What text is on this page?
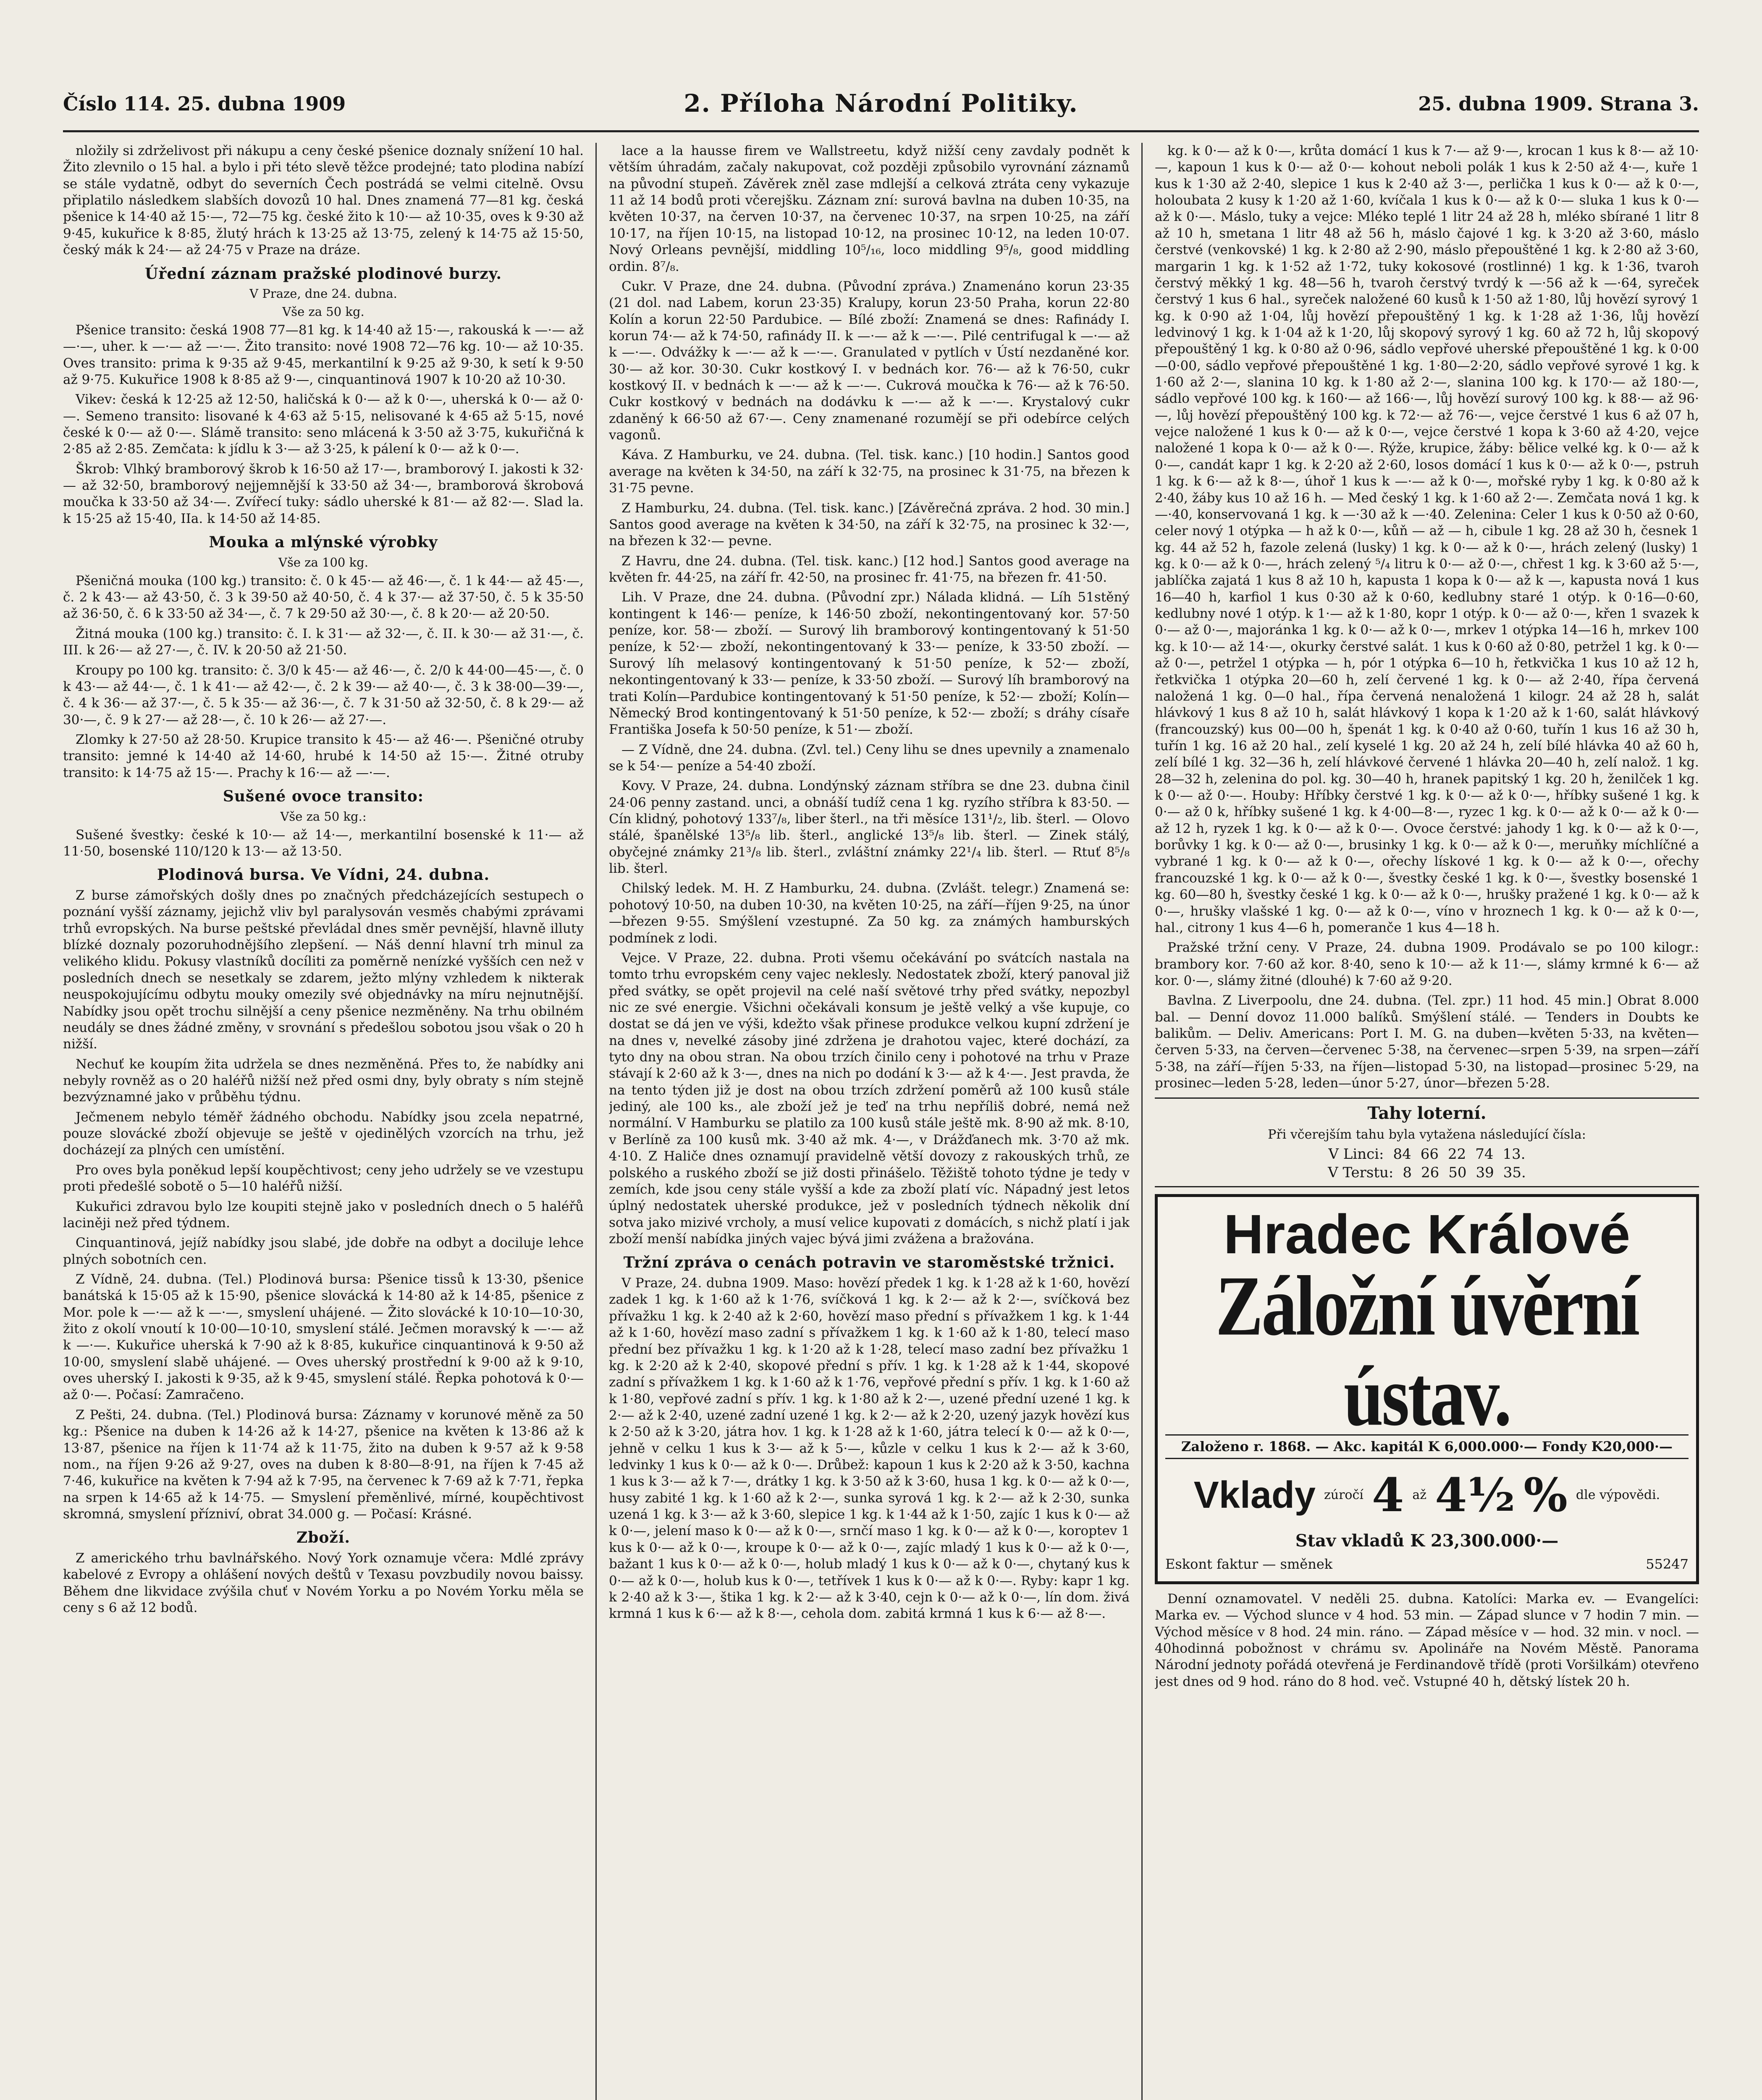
Číslo 114. 25. dubna 1909	2. Příloha Národní Politiky.	25. dubna 1909. Strana 3.

nložily si zdrželivost při nákupu a ceny české pšenice doznaly snížení 10 hal. Žito zlevnilo o 15 hal. a bylo i při této slevě těžce prodejné; tato plodina nabízí se stále vydatně, odbyt do severních Čech postrádá se velmi citelně. Ovsu připlatilo následkem slabších dovozů 10 hal. Dnes znamená 77—81 kg. česká pšenice k 14·40 až 15·—, 72—75 kg. české žito k 10·— až 10·35, oves k 9·30 až 9·45, kukuřice k 8·85, žlutý hrách k 13·25 až 13·75, zelený k 14·75 až 15·50, český mák k 24·— až 24·75 v Praze na dráze.

Úřední záznam pražské plodinové burzy.
V Praze, dne 24. dubna.
Vše za 50 kg.

Pšenice transito: česká 1908 77—81 kg. k 14·40 až 15·—, rakouská k —·— až —·—, uher. k —·— až —·—. Žito transito: nové 1908 72—76 kg. 10·— až 10·35. Oves transito: prima k 9·35 až 9·45, merkantilní k 9·25 až 9·30, k setí k 9·50 až 9·75. Kukuřice 1908 k 8·85 až 9·—, cinquantinová 1907 k 10·20 až 10·30.

Vikev: česká k 12·25 až 12·50, haličská k 0·— až k 0·—, uherská k 0·— až 0·—. Semeno transito: lisované k 4·63 až 5·15, nelisované k 4·65 až 5·15, nové české k 0·— až 0·—. Slámě transito: seno mlácená k 3·50 až 3·75, kukuřičná k 2·85 až 2·85. Zemčata: k jídlu k 3·— až 3·25, k pálení k 0·— až k 0·—.

Škrob: Vlhký bramborový škrob k 16·50 až 17·—, bramborový I. jakosti k 32·— až 32·50, bramborový nejjemnější k 33·50 až 34·—, bramborová škrobová moučka k 33·50 až 34·—. Zvířecí tuky: sádlo uherské k 81·— až 82·—. Slad la. k 15·25 až 15·40, IIa. k 14·50 až 14·85.

Mouka a mlýnské výrobky
Vše za 100 kg.

Pšeničná mouka (100 kg.) transito: č. 0 k 45·— až 46·—, č. 1 k 44·— až 45·—, č. 2 k 43·— až 43·50, č. 3 k 39·50 až 40·50, č. 4 k 37·— až 37·50, č. 5 k 35·50 až 36·50, č. 6 k 33·50 až 34·—, č. 7 k 29·50 až 30·—, č. 8 k 20·— až 20·50.

Žitná mouka (100 kg.) transito: č. I. k 31·— až 32·—, č. II. k 30·— až 31·—, č. III. k 26·— až 27·—, č. IV. k 20·50 až 21·50.

Kroupy po 100 kg. transito: č. 3/0 k 45·— až 46·—, č. 2/0 k 44·00—45·—, č. 0 k 43·— až 44·—, č. 1 k 41·— až 42·—, č. 2 k 39·— až 40·—, č. 3 k 38·00—39·—, č. 4 k 36·— až 37·—, č. 5 k 35·— až 36·—, č. 7 k 31·50 až 32·50, č. 8 k 29·— až 30·—, č. 9 k 27·— až 28·—, č. 10 k 26·— až 27·—.

Zlomky k 27·50 až 28·50. Krupice transito k 45·— až 46·—. Pšeničné otruby transito: jemné k 14·40 až 14·60, hrubé k 14·50 až 15·—. Žitné otruby transito: k 14·75 až 15·—. Prachy k 16·— až —·—.

Sušené ovoce transito:
Vše za 50 kg.:

Sušené švestky: české k 10·— až 14·—, merkantilní bosenské k 11·— až 11·50, bosenské 110/120 k 13·— až 13·50.

Plodinová bursa. Ve Vídni, 24. dubna.

Z burse zámořských došly dnes po značných předcházejících sestupech o poznání vyšší záznamy, jejichž vliv byl paralysován vesměs chabými zprávami trhů evropských. Na burse peštské převládal dnes směr pevnější, hlavně illuty blízké doznaly pozoruhodnějšího zlepšení. — Náš denní hlavní trh minul za velikého klidu. Pokusy vlastníků docíliti za poměrně nenízké vyšších cen než v posledních dnech se nesetkaly se zdarem, ježto mlýny vzhledem k nikterak neuspokojujícímu odbytu mouky omezily své objednávky na míru nejnutnější. Nabídky jsou opět trochu silnější a ceny pšenice nezměněny. Na trhu obilném neudály se dnes žádné změny, v srovnání s předešlou sobotou jsou však o 20 h nižší.

Nechuť ke koupím žita udržela se dnes nezměněná. Přes to, že nabídky ani nebyly rovněž as o 20 haléřů nižší než před osmi dny, byly obraty s ním stejně bezvýznamné jako v průběhu týdnu.

Ječmenem nebylo téměř žádného obchodu. Nabídky jsou zcela nepatrné, pouze slovácké zboží objevuje se ještě v ojedinělých vzorcích na trhu, jež docházejí za plných cen umístění.

Pro oves byla poněkud lepší koupěchtivost; ceny jeho udržely se ve vzestupu proti předešlé sobotě o 5—10 haléřů nižší.

Kukuřici zdravou bylo lze koupiti stejně jako v posledních dnech o 5 haléřů laciněji než před týdnem.

Cinquantinová, jejíž nabídky jsou slabé, jde dobře na odbyt a dociluje lehce plných sobotních cen.

Z Vídně, 24. dubna. (Tel.) Plodinová bursa: Pšenice tissů k 13·30, pšenice banátská k 15·05 až k 15·90, pšenice slovácká k 14·80 až k 14·85, pšenice z Mor. pole k —·— až k —·—, smyslení uhájené. — Žito slovácké k 10·10—10·30, žito z okolí vnoutí k 10·00—10·10, smyslení stálé. Ječmen moravský k —·— až k —·—. Kukuřice uherská k 7·90 až k 8·85, kukuřice cinquantinová k 9·50 až 10·00, smyslení slabě uhájené. — Oves uherský prostřední k 9·00 až k 9·10, oves uherský I. jakosti k 9·35, až k 9·45, smyslení stálé. Řepka pohotová k 0·— až 0·—. Počasí: Zamračeno.

Z Pešti, 24. dubna. (Tel.) Plodinová bursa: Záznamy v korunové měně za 50 kg.: Pšenice na duben k 14·26 až k 14·27, pšenice na květen k 13·86 až k 13·87, pšenice na říjen k 11·74 až k 11·75, žito na duben k 9·57 až k 9·58 nom., na říjen 9·26 až 9·27, oves na duben k 8·80—8·91, na říjen k 7·45 až 7·46, kukuřice na květen k 7·94 až k 7·95, na červenec k 7·69 až k 7·71, řepka na srpen k 14·65 až k 14·75. — Smyslení přeměnlivé, mírné, koupěchtivost skromná, smyslení přízniví, obrat 34.000 g. — Počasí: Krásné.

Zboží.

Z amerického trhu bavlnářského. Nový York oznamuje včera: Mdlé zprávy kabelové z Evropy a ohlášení nových deštů v Texasu povzbudily novou baissy. Během dne likvidace zvýšila chuť v Novém Yorku a po Novém Yorku měla se ceny s 6 až 12 bodů.

lace a la hausse firem ve Wallstreetu, když nižší ceny zavdaly podnět k větším úhradám, začaly nakupovat, což později způsobilo vyrovnání záznamů na původní stupeň. Závěrek zněl zase mdlejší a celková ztráta ceny vykazuje 11 až 14 bodů proti včerejšku. Záznam zní: surová bavlna na duben 10·35, na květen 10·37, na červen 10·37, na červenec 10·37, na srpen 10·25, na září 10·17, na říjen 10·15, na listopad 10·12, na prosinec 10·12, na leden 10·07. Nový Orleans pevnější, middling 10⁵/₁₆, loco middling 9⁵/₈, good middling ordin. 8⁷/₈.

Cukr. V Praze, dne 24. dubna. (Původní zpráva.) Znamenáno korun 23·35 (21 dol. nad Labem, korun 23·35) Kralupy, korun 23·50 Praha, korun 22·80 Kolín a korun 22·50 Pardubice. — Bílé zboží: Znamená se dnes: Rafinády I. korun 74·— až k 74·50, rafinády II. k —·— až k —·—. Pilé centrifugal k —·— až k —·—. Odvážky k —·— až k —·—. Granulated v pytlích v Ústí nezdaněné kor. 30·— až kor. 30·30. Cukr kostkový I. v bednách kor. 76·— až k 76·50, cukr kostkový II. v bednách k —·— až k —·—. Cukrová moučka k 76·— až k 76·50. Cukr kostkový v bednách na dodávku k —·— až k —·—. Krystalový cukr zdaněný k 66·50 až 67·—. Ceny znamenané rozumějí se při odebírce celých vagonů.

Káva. Z Hamburku, ve 24. dubna. (Tel. tisk. kanc.) [10 hodin.] Santos good average na květen k 34·50, na září k 32·75, na prosinec k 31·75, na březen k 31·75 pevne.

Z Hamburku, 24. dubna. (Tel. tisk. kanc.) [Závěrečná zpráva. 2 hod. 30 min.] Santos good average na květen k 34·50, na září k 32·75, na prosinec k 32·—, na březen k 32·— pevne.

Z Havru, dne 24. dubna. (Tel. tisk. kanc.) [12 hod.] Santos good average na květen fr. 44·25, na září fr. 42·50, na prosinec fr. 41·75, na březen fr. 41·50.

Lih. V Praze, dne 24. dubna. (Původní zpr.) Nálada klidná. — Líh 51stěný kontingent k 146·— peníze, k 146·50 zboží, nekontingentovaný kor. 57·50 peníze, kor. 58·— zboží. — Surový lih bramborový kontingentovaný k 51·50 peníze, k 52·— zboží, nekontingentovaný k 33·— peníze, k 33·50 zboží. — Surový líh melasový kontingentovaný k 51·50 peníze, k 52·— zboží, nekontingentovaný k 33·— peníze, k 33·50 zboží. — Surový líh bramborový na trati Kolín—Pardubice kontingentovaný k 51·50 peníze, k 52·— zboží; Kolín—Německý Brod kontingentovaný k 51·50 peníze, k 52·— zboží; s dráhy císaře Františka Josefa k 50·50 peníze, k 51·— zboží.

— Z Vídně, dne 24. dubna. (Zvl. tel.) Ceny lihu se dnes upevnily a znamenalo se k 54·— peníze a 54·40 zboží.

Kovy. V Praze, 24. dubna. Londýnský záznam stříbra se dne 23. dubna činil 24·06 penny zastand. unci, a obnáší tudíž cena 1 kg. ryzího stříbra k 83·50. — Cín klidný, pohotový 133⁷/₈, liber šterl., na tři měsíce 131¹/₂, lib. šterl. — Olovo stálé, španělské 13⁵/₈ lib. šterl., anglické 13⁵/₈ lib. šterl. — Zinek stálý, obyčejné známky 21³/₈ lib. šterl., zvláštní známky 22¹/₄ lib. šterl. — Rtuť 8⁵/₈ lib. šterl.

Chilský ledek. M. H. Z Hamburku, 24. dubna. (Zvlášt. telegr.) Znamená se: pohotový 10·50, na duben 10·30, na květen 10·25, na září—říjen 9·25, na únor—březen 9·55. Smýšlení vzestupné. Za 50 kg. za známých hamburských podmínek z lodi.

Vejce. V Praze, 22. dubna. Proti všemu očekávání po svátcích nastala na tomto trhu evropském ceny vajec neklesly. Nedostatek zboží, který panoval již před svátky, se opět projevil na celé naší světové trhy před svátky, nepozbyl nic ze své energie. Všichni očekávali konsum je ještě velký a vše kupuje, co dostat se dá jen ve výši, kdežto však přinese produkce velkou kupní zdržení je na dnes v, nevelké zásoby jiné zdržena je drahotou vajec, které dochází, za tyto dny na obou stran. Na obou trzích činilo ceny i pohotové na trhu v Praze stávají k 2·60 až k 3·—, dnes na nich po dodání k 3·— až k 4·—. Jest pravda, že na tento týden již je dost na obou trzích zdržení poměrů až 100 kusů stále jediný, ale 100 ks., ale zboží jež je teď na trhu nepříliš dobré, nemá než normální. V Hamburku se platilo za 100 kusů stále ještě mk. 8·90 až mk. 8·10, v Berlíně za 100 kusů mk. 3·40 až mk. 4·—, v Drážďanech mk. 3·70 až mk. 4·10. Z Haliče dnes oznamují pravidelně větší dovozy z rakouských trhů, ze polského a ruského zboží se již dosti přinášelo. Těžiště tohoto týdne je tedy v zemích, kde jsou ceny stále vyšší a kde za zboží platí víc. Nápadný jest letos úplný nedostatek uherské produkce, jež v posledních týdnech několik dní sotva jako mizivé vrcholy, a musí velice kupovati z domácích, s nichž platí i jak zboží menší nabídka jiných vajec bývá jimi zvážena a bražována.

Tržní zpráva o cenách potravin ve staroměstské tržnici.

V Praze, 24. dubna 1909. Maso: hovězí předek 1 kg. k 1·28 až k 1·60, hovězí zadek 1 kg. k 1·60 až k 1·76, svíčková 1 kg. k 2·— až k 2·—, svíčková bez přívažku 1 kg. k 2·40 až k 2·60, hovězí maso přední s přívažkem 1 kg. k 1·44 až k 1·60, hovězí maso zadní s přívažkem 1 kg. k 1·60 až k 1·80, telecí maso přední bez přívažku 1 kg. k 1·20 až k 1·28, telecí maso zadní bez přívažku 1 kg. k 2·20 až k 2·40, skopové přední s přív. 1 kg. k 1·28 až k 1·44, skopové zadní s přívažkem 1 kg. k 1·60 až k 1·76, vepřové přední s přív. 1 kg. k 1·60 až k 1·80, vepřové zadní s přív. 1 kg. k 1·80 až k 2·—, uzené přední uzené 1 kg. k 2·— až k 2·40, uzené zadní uzené 1 kg. k 2·— až k 2·20, uzený jazyk hovězí kus k 2·50 až k 3·20, játra hov. 1 kg. k 1·28 až k 1·60, játra telecí k 0·— až k 0·—, jehně v celku 1 kus k 3·— až k 5·—, kůzle v celku 1 kus k 2·— až k 3·60, ledvinky 1 kus k 0·— až k 0·—. Drůbež: kapoun 1 kus k 2·20 až k 3·50, kachna 1 kus k 3·— až k 7·—, drátky 1 kg. k 3·50 až k 3·60, husa 1 kg. k 0·— až k 0·—, husy zabité 1 kg. k 1·60 až k 2·—, sunka syrová 1 kg. k 2·— až k 2·30, sunka uzená 1 kg. k 3·— až k 3·60, slepice 1 kg. k 1·44 až k 1·50, zajíc 1 kus k 0·— až k 0·—, jelení maso k 0·— až k 0·—, srnčí maso 1 kg. k 0·— až k 0·—, koroptev 1 kus k 0·— až k 0·—, kroupe k 0·— až k 0·—, zajíc mladý 1 kus k 0·— až k 0·—, bažant 1 kus k 0·— až k 0·—, holub mladý 1 kus k 0·— až k 0·—, chytaný kus k 0·— až k 0·—, holub kus k 0·—, tetřívek 1 kus k 0·— až k 0·—. Ryby: kapr 1 kg. k 2·40 až k 3·—, štika 1 kg. k 2·— až k 3·40, cejn k 0·— až k 0·—, lín dom. živá krmná 1 kus k 6·— až k 8·—, cehola dom. zabitá krmná 1 kus k 6·— až 8·—.

kg. k 0·— až k 0·—, krůta domácí 1 kus k 7·— až 9·—, krocan 1 kus k 8·— až 10·—, kapoun 1 kus k 0·— až 0·— kohout neboli polák 1 kus k 2·50 až 4·—, kuře 1 kus k 1·30 až 2·40, slepice 1 kus k 2·40 až 3·—, perlička 1 kus k 0·— až k 0·—, holoubata 2 kusy k 1·20 až 1·60, kvíčala 1 kus k 0·— až k 0·— sluka 1 kus k 0·— až k 0·—. Máslo, tuky a vejce: Mléko teplé 1 litr 24 až 28 h, mléko sbírané 1 litr 8 až 10 h, smetana 1 litr 48 až 56 h, máslo čajové 1 kg. k 3·20 až 3·60, máslo čerstvé (venkovské) 1 kg. k 2·80 až 2·90, máslo přepouštěné 1 kg. k 2·80 až 3·60, margarin 1 kg. k 1·52 až 1·72, tuky kokosové (rostlinné) 1 kg. k 1·36, tvaroh čerstvý měkký 1 kg. 48—56 h, tvaroh čerstvý tvrdý k —·56 až k —·64, syreček čerstvý 1 kus 6 hal., syreček naložené 60 kusů k 1·50 až 1·80, lůj hovězí syrový 1 kg. k 0·90 až 1·04, lůj hovězí přepouštěný 1 kg. k 1·28 až 1·36, lůj hovězí ledvinový 1 kg. k 1·04 až k 1·20, lůj skopový syrový 1 kg. 60 až 72 h, lůj skopový přepouštěný 1 kg. k 0·80 až 0·96, sádlo vepřové uherské přepouštěné 1 kg. k 0·00—0·00, sádlo vepřové přepouštěné 1 kg. 1·80—2·20, sádlo vepřové syrové 1 kg. k 1·60 až 2·—, slanina 10 kg. k 1·80 až 2·—, slanina 100 kg. k 170·— až 180·—, sádlo vepřové 100 kg. k 160·— až 166·—, lůj hovězí surový 100 kg. k 88·— až 96·—, lůj hovězí přepouštěný 100 kg. k 72·— až 76·—, vejce čerstvé 1 kus 6 až 07 h, vejce naložené 1 kus k 0·— až k 0·—, vejce čerstvé 1 kopa k 3·60 až 4·20, vejce naložené 1 kopa k 0·— až k 0·—. Rýže, krupice, žáby: bělice velké kg. k 0·— až k 0·—, candát kapr 1 kg. k 2·20 až 2·60, losos domácí 1 kus k 0·— až k 0·—, pstruh 1 kg. k 6·— až k 8·—, úhoř 1 kus k —·— až k 0·—, mořské ryby 1 kg. k 0·80 až k 2·40, žáby kus 10 až 16 h. — Med český 1 kg. k 1·60 až 2·—. Zemčata nová 1 kg. k —·40, konservovaná 1 kg. k —·30 až k —·40. Zelenina: Celer 1 kus k 0·50 až 0·60, celer nový 1 otýpka — h až k 0·—, kůň — až — h, cibule 1 kg. 28 až 30 h, česnek 1 kg. 44 až 52 h, fazole zelená (lusky) 1 kg. k 0·— až k 0·—, hrách zelený (lusky) 1 kg. k 0·— až k 0·—, hrách zelený ⁵/₄ litru k 0·— až 0·—, chřest 1 kg. k 3·60 až 5·—, jablíčka zajatá 1 kus 8 až 10 h, kapusta 1 kopa k 0·— až k —, kapusta nová 1 kus 16—40 h, karfiol 1 kus 0·30 až k 0·60, kedlubny staré 1 otýp. k 0·16—0·60, kedlubny nové 1 otýp. k 1·— až k 1·80, kopr 1 otýp. k 0·— až 0·—, křen 1 svazek k 0·— až 0·—, majoránka 1 kg. k 0·— až k 0·—, mrkev 1 otýpka 14—16 h, mrkev 100 kg. k 10·— až 14·—, okurky čerstvé salát. 1 kus k 0·60 až 0·80, petržel 1 kg. k 0·— až 0·—, petržel 1 otýpka — h, pór 1 otýpka 6—10 h, řetkvička 1 kus 10 až 12 h, řetkvička 1 otýpka 20—60 h, zelí červené 1 kg. k 0·— až 2·40, řípa červená naložená 1 kg. 0—0 hal., řípa červená nenaložená 1 kilogr. 24 až 28 h, salát hlávkový 1 kus 8 až 10 h, salát hlávkový 1 kopa k 1·20 až k 1·60, salát hlávkový (francouzský) kus 00—00 h, špenát 1 kg. k 0·40 až 0·60, tuřín 1 kus 16 až 30 h, tuřín 1 kg. 16 až 20 hal., zelí kyselé 1 kg. 20 až 24 h, zelí bílé hlávka 40 až 60 h, zelí bílé 1 kg. 32—36 h, zelí hlávkové červené 1 hlávka 20—40 h, zelí nalož. 1 kg. 28—32 h, zelenina do pol. kg. 30—40 h, hranek papitský 1 kg. 20 h, ženilček 1 kg. k 0·— až 0·—. Houby: Hříbky čerstvé 1 kg. k 0·— až k 0·—, hříbky sušené 1 kg. k 0·— až 0 k, hříbky sušené 1 kg. k 4·00—8·—, ryzec 1 kg. k 0·— až k 0·— až k 0·— až 12 h, ryzek 1 kg. k 0·— až k 0·—. Ovoce čerstvé: jahody 1 kg. k 0·— až k 0·—, borůvky 1 kg. k 0·— až 0·—, brusinky 1 kg. k 0·— až k 0·—, meruňky míchlíčné a vybrané 1 kg. k 0·— až k 0·—, ořechy lískové 1 kg. k 0·— až k 0·—, ořechy francouzské 1 kg. k 0·— až k 0·—, švestky české 1 kg. k 0·—, švestky bosenské 1 kg. 60—80 h, švestky české 1 kg. k 0·— až k 0·—, hrušky pražené 1 kg. k 0·— až k 0·—, hrušky vlašské 1 kg. 0·— až k 0·—, víno v hroznech 1 kg. k 0·— až k 0·—, hal., citrony 1 kus 4—6 h, pomeranče 1 kus 4—18 h.

Pražské tržní ceny. V Praze, 24. dubna 1909. Prodávalo se po 100 kilogr.: brambory kor. 7·60 až kor. 8·40, seno k 10·— až k 11·—, slámy krmné k 6·— až kor. 0·—, slámy žitné (dlouhé) k 7·60 až 9·20.

Bavlna. Z Liverpoolu, dne 24. dubna. (Tel. zpr.) 11 hod. 45 min.] Obrat 8.000 bal. — Denní dovoz 11.000 balíků. Smýšlení stálé. — Tenders in Doubts ke balikům. — Deliv. Americans: Port I. M. G. na duben—květen 5·33, na květen—červen 5·33, na červen—červenec 5·38, na červenec—srpen 5·39, na srpen—září 5·38, na září—říjen 5·33, na říjen—listopad 5·30, na listopad—prosinec 5·29, na prosinec—leden 5·28, leden—únor 5·27, únor—březen 5·28.

Tahy loterní.
Při včerejším tahu byla vytažena následující čísla:
V Linci: 84 66 22 74 13.
V Terstu: 8 26 50 39 35.
Hradec Králové
Záložní úvěrní ústav.
Založeno r. 1868. — Akc. kapitál K 6,000.000·— Fondy K20,000·—
Vklady zúročí 4 až 4½ % dle výpovědi.
Stav vkladů K 23,300.000·—
Eskont faktur — směnek	55247

Denní oznamovatel. V neděli 25. dubna. Katolíci: Marka ev. — Evangelíci: Marka ev. — Východ slunce v 4 hod. 53 min. — Západ slunce v 7 hodin 7 min. — Východ měsíce v 8 hod. 24 min. ráno. — Západ měsíce v — hod. 32 min. v nocl. — 40hodinná pobožnost v chrámu sv. Apolináře na Novém Městě. Panorama Národní jednoty pořádá otevřená je Ferdinandově třídě (proti Voršilkám) otevřeno jest dnes od 9 hod. ráno do 8 hod. več. Vstupné 40 h, dětský lístek 20 h.
